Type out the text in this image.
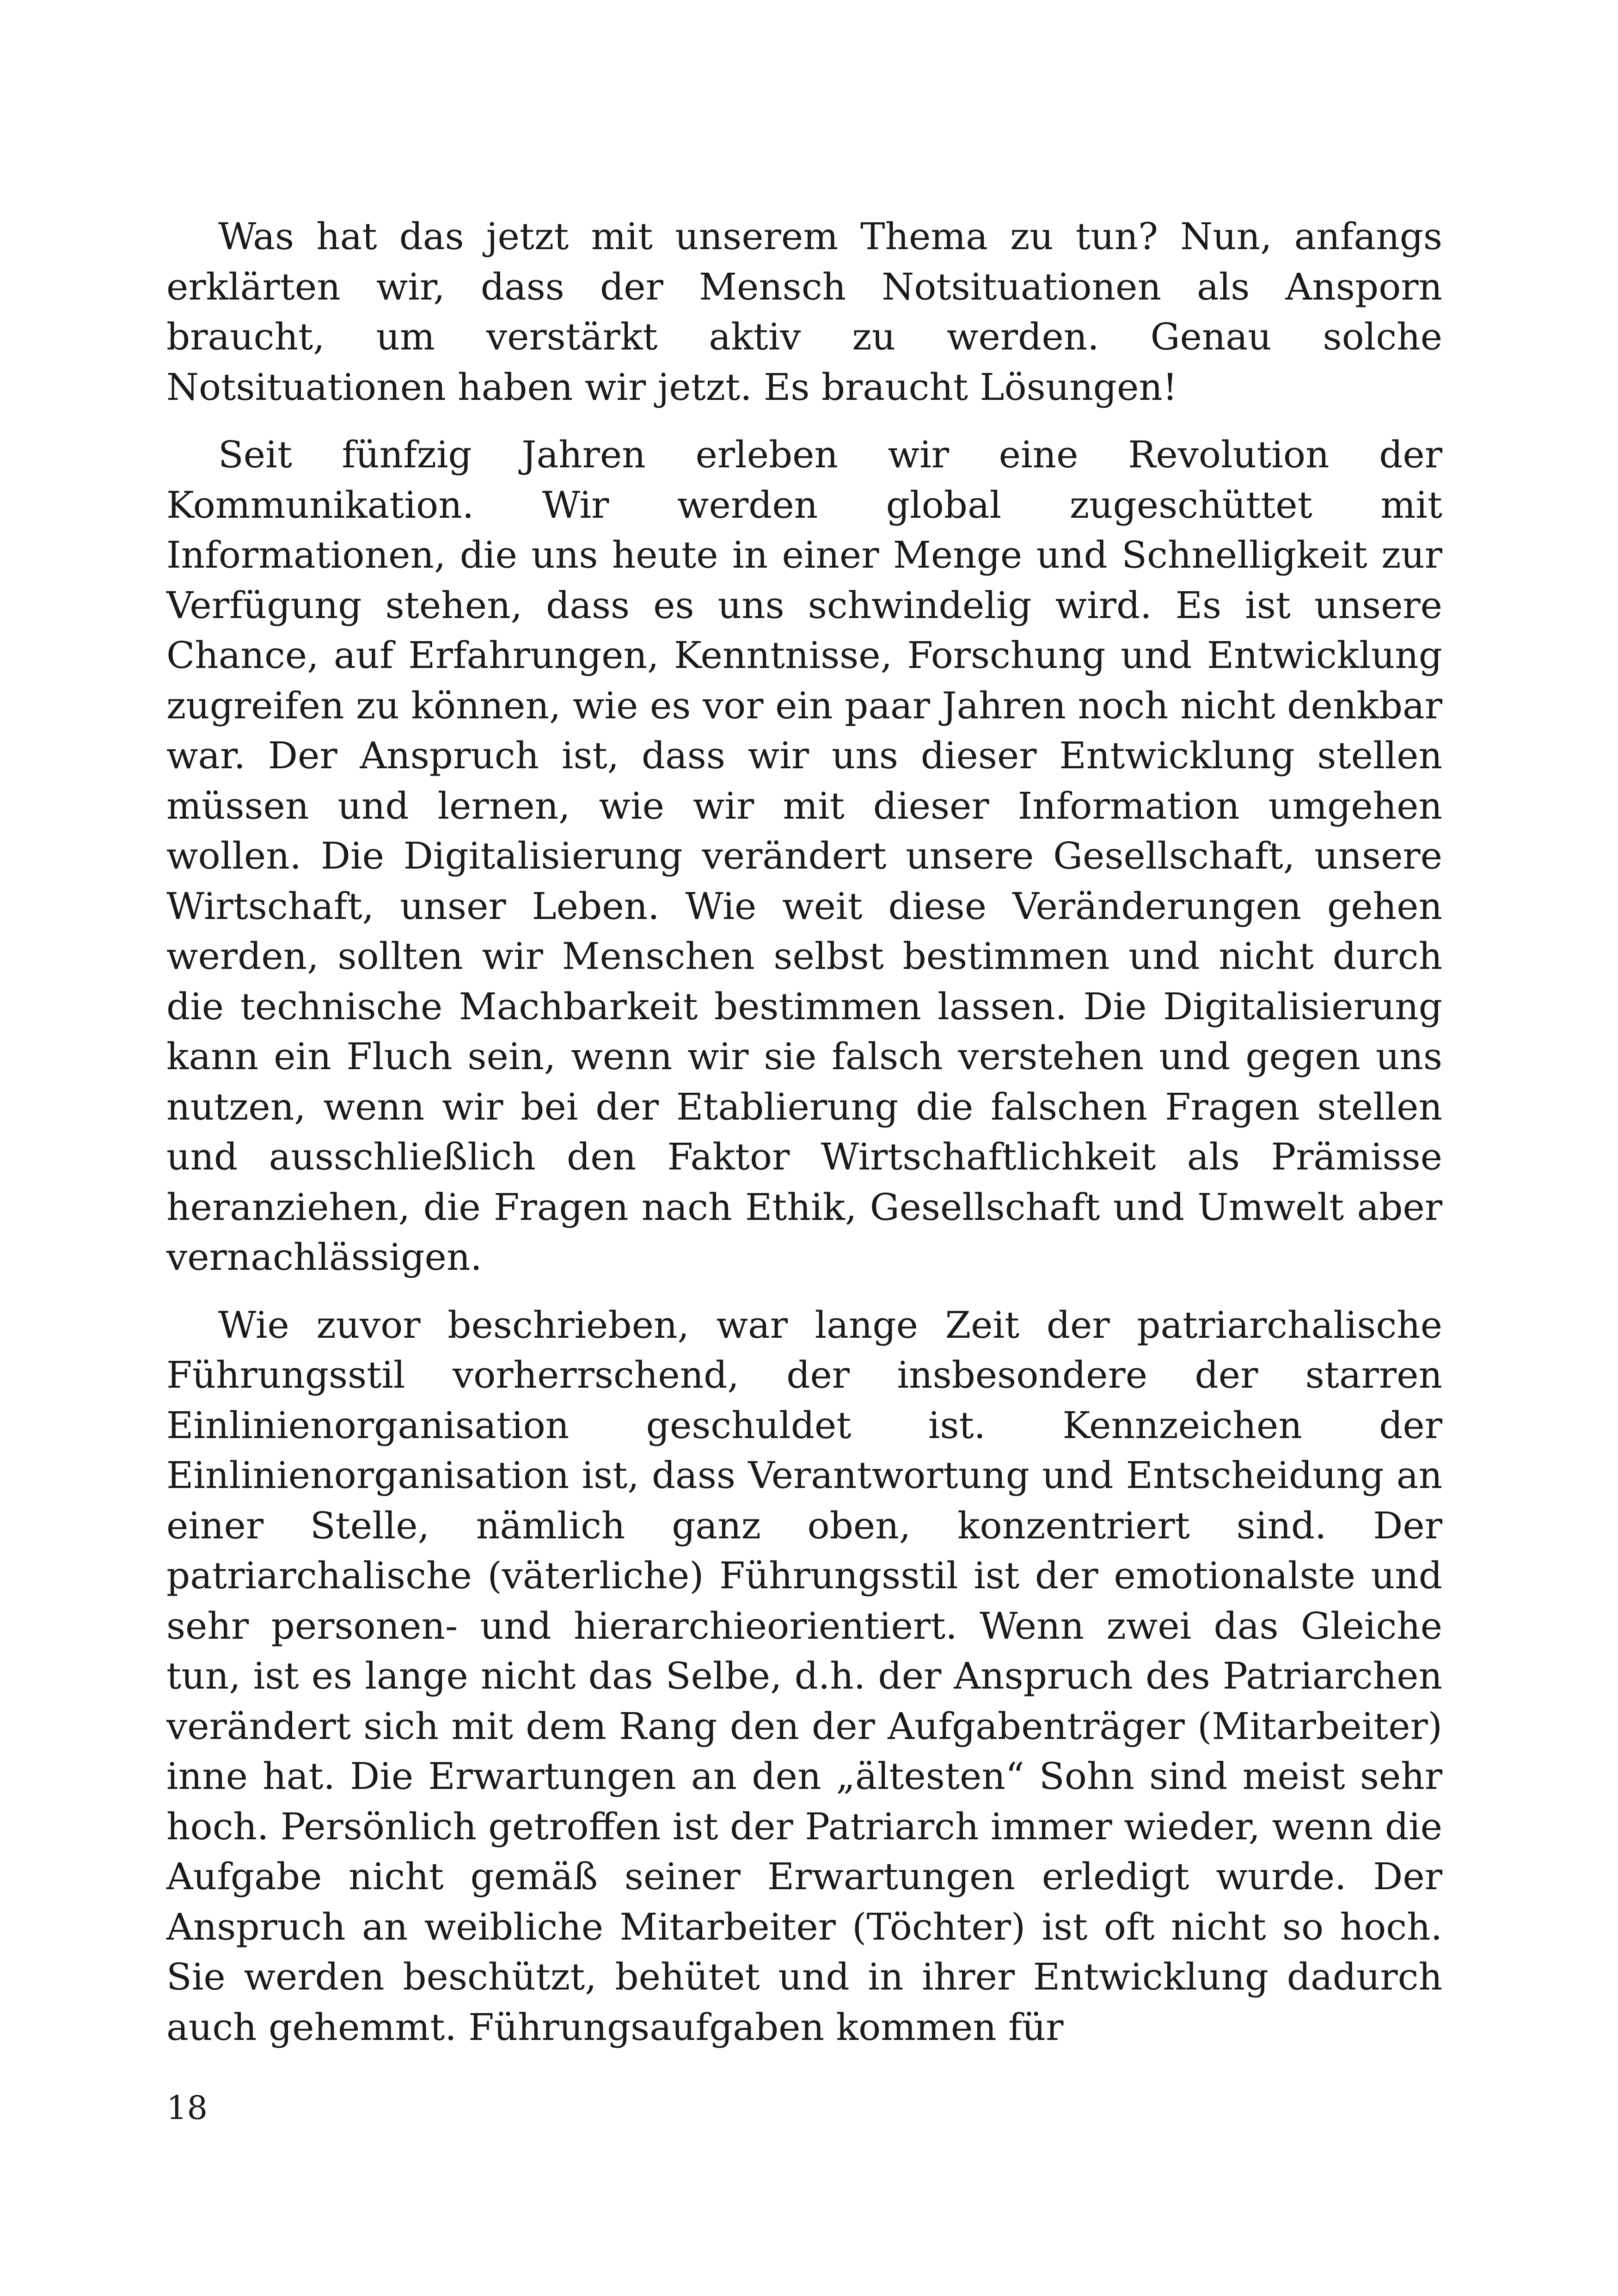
Was hat das jetzt mit unserem Thema zu tun? Nun, anfangs erklärten wir, dass der Mensch Notsituationen als Ansporn braucht, um verstärkt aktiv zu werden. Genau solche Notsituationen haben wir jetzt. Es braucht Lösungen!

Seit fünfzig Jahren erleben wir eine Revolution der Kommunikation. Wir werden global zugeschüttet mit Informationen, die uns heute in einer Menge und Schnelligkeit zur Verfügung stehen, dass es uns schwindelig wird. Es ist unsere Chance, auf Erfahrungen, Kenntnisse, Forschung und Entwicklung zugreifen zu können, wie es vor ein paar Jahren noch nicht denkbar war. Der Anspruch ist, dass wir uns dieser Entwicklung stellen müssen und lernen, wie wir mit dieser Information umgehen wollen. Die Digitalisierung verändert unsere Gesellschaft, unsere Wirtschaft, unser Leben. Wie weit diese Veränderungen gehen werden, sollten wir Menschen selbst bestimmen und nicht durch die technische Machbarkeit bestimmen lassen. Die Digitalisierung kann ein Fluch sein, wenn wir sie falsch verstehen und gegen uns nutzen, wenn wir bei der Etablierung die falschen Fragen stellen und ausschließlich den Faktor Wirtschaftlichkeit als Prämisse heranziehen, die Fragen nach Ethik, Gesellschaft und Umwelt aber vernachlässigen.

Wie zuvor beschrieben, war lange Zeit der patriarchalische Führungsstil vorherrschend, der insbesondere der starren Einlinienorganisation geschuldet ist. Kennzeichen der Einlinienorganisation ist, dass Verantwortung und Entscheidung an einer Stelle, nämlich ganz oben, konzentriert sind. Der patriarchalische (väterliche) Führungsstil ist der emotionalste und sehr personen- und hierarchieorientiert. Wenn zwei das Gleiche tun, ist es lange nicht das Selbe, d.h. der Anspruch des Patriarchen verändert sich mit dem Rang den der Aufgabenträger (Mitarbeiter) inne hat. Die Erwartungen an den „ältesten“ Sohn sind meist sehr hoch. Persönlich getroffen ist der Patriarch immer wieder, wenn die Aufgabe nicht gemäß seiner Erwartungen erledigt wurde. Der Anspruch an weibliche Mitarbeiter (Töchter) ist oft nicht so hoch. Sie werden beschützt, behütet und in ihrer Entwicklung dadurch auch gehemmt. Führungsaufgaben kommen für

18
